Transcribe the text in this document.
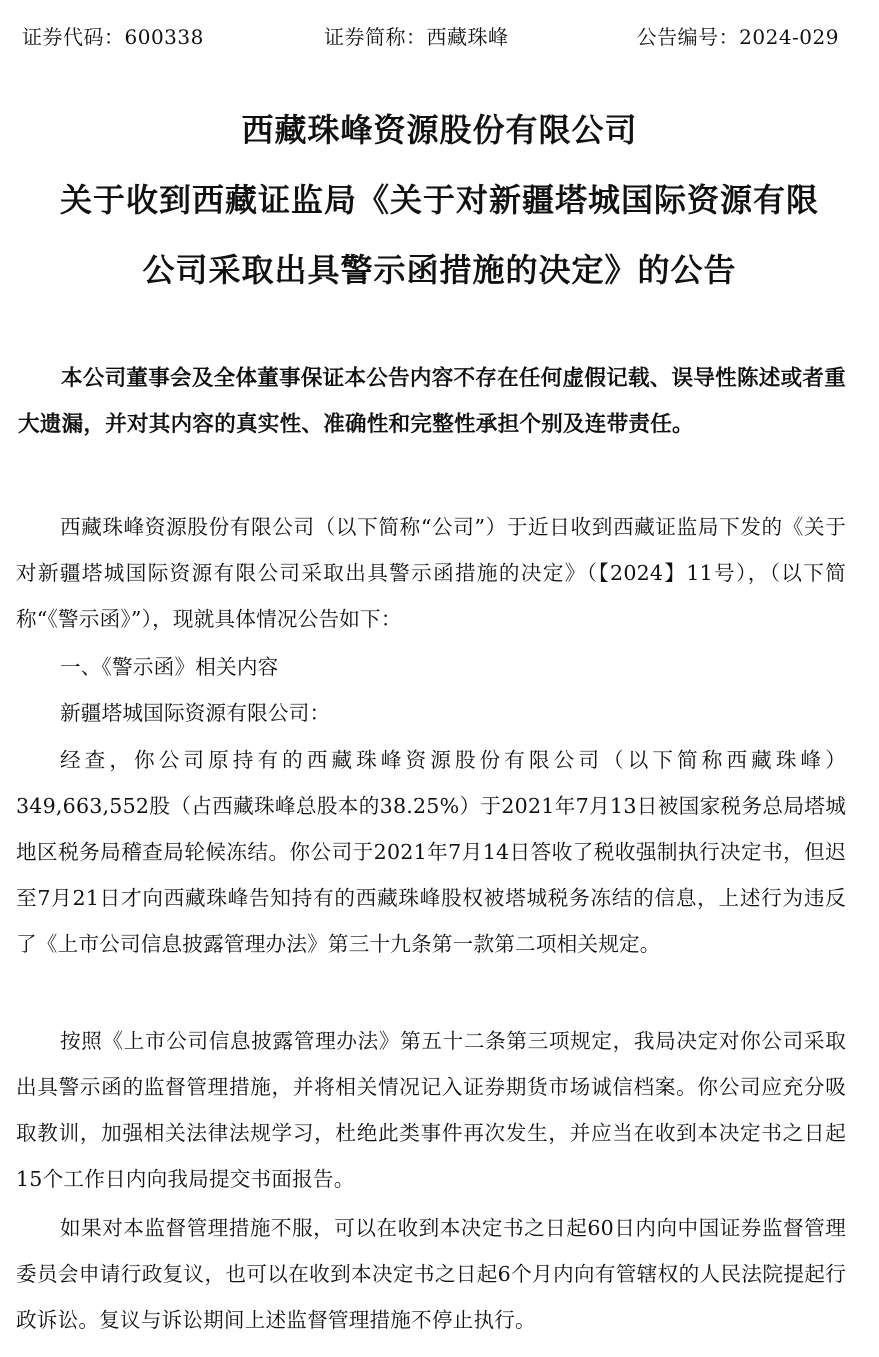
证券代码：600338	证券简称：西藏珠峰	公告编号：2024-029
西藏珠峰资源股份有限公司
关于收到西藏证监局《关于对新疆塔城国际资源有限
公司采取出具警示函措施的决定》的公告
本公司董事会及全体董事保证本公告内容不存在任何虚假记载、误导性陈述或者重大遗漏，并对其内容的真实性、准确性和完整性承担个别及连带责任。
西藏珠峰资源股份有限公司（以下简称“公司”）于近日收到西藏证监局下发的《关于对新疆塔城国际资源有限公司采取出具警示函措施的决定》（【2024】11号），（以下简称“《警示函》”），现就具体情况公告如下：
一、《警示函》相关内容
新疆塔城国际资源有限公司：
经查，你公司原持有的西藏珠峰资源股份有限公司（以下简称西藏珠峰）349,663,552股（占西藏珠峰总股本的38.25%）于2021年7月13日被国家税务总局塔城地区税务局稽查局轮候冻结。你公司于2021年7月14日答收了税收强制执行决定书，但迟至7月21日才向西藏珠峰告知持有的西藏珠峰股权被塔城税务冻结的信息，上述行为违反了《上市公司信息披露管理办法》第三十九条第一款第二项相关规定。
按照《上市公司信息披露管理办法》第五十二条第三项规定，我局决定对你公司采取出具警示函的监督管理措施，并将相关情况记入证券期货市场诚信档案。你公司应充分吸取教训，加强相关法律法规学习，杜绝此类事件再次发生，并应当在收到本决定书之日起15个工作日内向我局提交书面报告。
如果对本监督管理措施不服，可以在收到本决定书之日起60日内向中国证券监督管理委员会申请行政复议，也可以在收到本决定书之日起6个月内向有管辖权的人民法院提起行政诉讼。复议与诉讼期间上述监督管理措施不停止执行。
